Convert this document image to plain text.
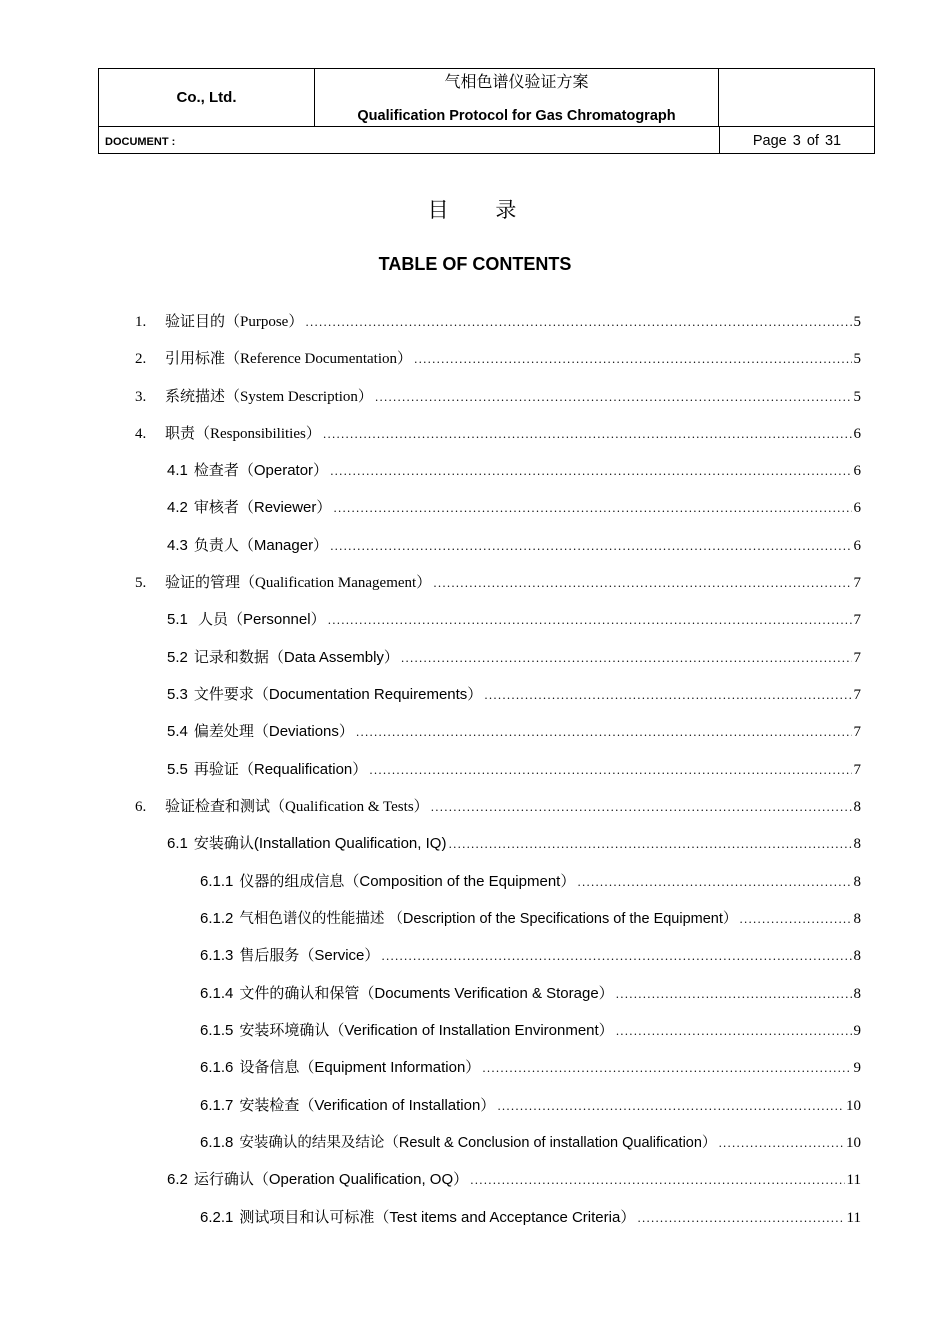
Co., Ltd.
气相色谱仪验证方案
Qualification Protocol for Gas Chromatograph
DOCUMENT :	Page 3 of 31
目 录
TABLE OF CONTENTS
1.	验证目的（Purpose） .....	5
2.	引用标准（Reference Documentation） .....	5
3.	系统描述（System Description） .....	5
4.	职责（Responsibilities） .....	6
4.1 检查者（Operator） .....	6
4.2 审核者（Reviewer） .....	6
4.3 负责人（Manager） .....	6
5.	验证的管理（Qualification Management） .....	7
5.1 人员（Personnel） .....	7
5.2 记录和数据（Data Assembly） .....	7
5.3 文件要求（Documentation Requirements） .....	7
5.4 偏差处理（Deviations） .....	7
5.5 再验证（Requalification） .....	7
6.	验证检查和测试（Qualification & Tests） .....	8
6.1 安装确认(Installation Qualification, IQ) .....	8
6.1.1 仪器的组成信息（Composition of the Equipment） .....	8
6.1.2 气相色谱仪的性能描述 （Description of the Specifications of the Equipment） .....	8
6.1.3 售后服务（Service） .....	8
6.1.4 文件的确认和保管（Documents Verification & Storage） .....	8
6.1.5 安装环境确认（Verification of Installation Environment） .....	9
6.1.6 设备信息（Equipment Information） .....	9
6.1.7 安装检查（Verification of Installation） .....	10
6.1.8 安装确认的结果及结论（Result & Conclusion of installation Qualification） .....	10
6.2 运行确认（Operation Qualification, OQ） .....	11
6.2.1 测试项目和认可标准（Test items and Acceptance Criteria） .....	11
